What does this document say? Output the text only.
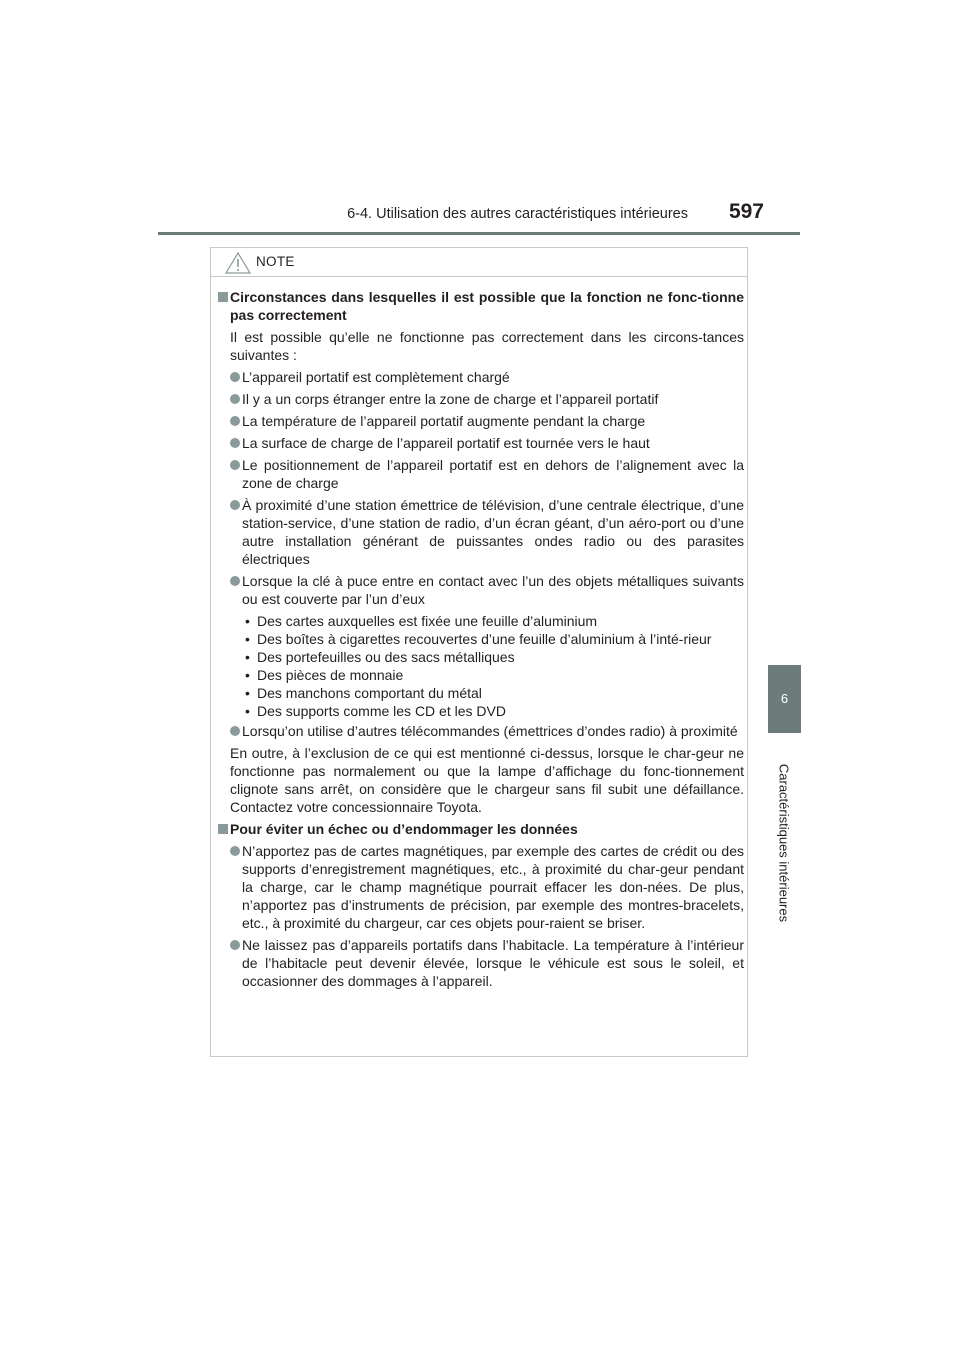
6-4. Utilisation des autres caractéristiques intérieures	597
6
Caractéristiques intérieures
NOTE
Circonstances dans lesquelles il est possible que la fonction ne fonc-tionne pas correctement
Il est possible qu’elle ne fonctionne pas correctement dans les circons-tances suivantes :
L’appareil portatif est complètement chargé
Il y a un corps étranger entre la zone de charge et l’appareil portatif
La température de l’appareil portatif augmente pendant la charge
La surface de charge de l’appareil portatif est tournée vers le haut
Le positionnement de l’appareil portatif est en dehors de l’alignement avec la zone de charge
À proximité d’une station émettrice de télévision, d’une centrale électrique, d’une station-service, d’une station de radio, d’un écran géant, d’un aéro-port ou d’une autre installation générant de puissantes ondes radio ou des parasites électriques
Lorsque la clé à puce entre en contact avec l’un des objets métalliques suivants ou est couverte par l’un d’eux
• Des cartes auxquelles est fixée une feuille d’aluminium
• Des boîtes à cigarettes recouvertes d’une feuille d’aluminium à l’inté-rieur
• Des portefeuilles ou des sacs métalliques
• Des pièces de monnaie
• Des manchons comportant du métal
• Des supports comme les CD et les DVD
Lorsqu’on utilise d’autres télécommandes (émettrices d’ondes radio) à proximité
En outre, à l’exclusion de ce qui est mentionné ci-dessus, lorsque le char-geur ne fonctionne pas normalement ou que la lampe d’affichage du fonc-tionnement clignote sans arrêt, on considère que le chargeur sans fil subit une défaillance. Contactez votre concessionnaire Toyota.
Pour éviter un échec ou d’endommager les données
N’apportez pas de cartes magnétiques, par exemple des cartes de crédit ou des supports d’enregistrement magnétiques, etc., à proximité du char-geur pendant la charge, car le champ magnétique pourrait effacer les don-nées. De plus, n’apportez pas d’instruments de précision, par exemple des montres-bracelets, etc., à proximité du chargeur, car ces objets pour-raient se briser.
Ne laissez pas d’appareils portatifs dans l’habitacle. La température à l’intérieur de l’habitacle peut devenir élevée, lorsque le véhicule est sous le soleil, et occasionner des dommages à l’appareil.
